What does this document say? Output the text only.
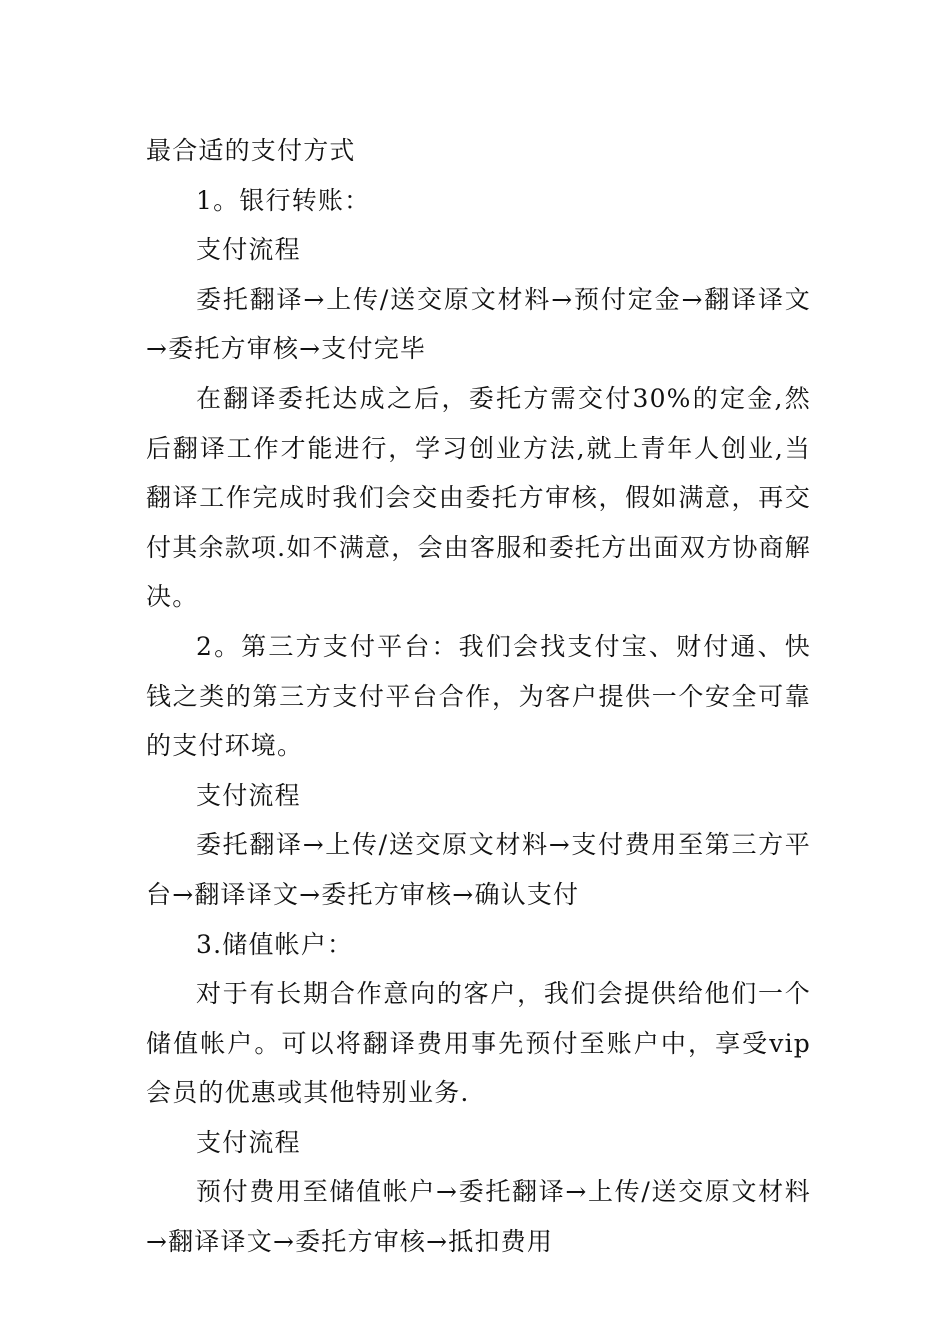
最合适的支付方式

1。银行转账：

支付流程

委托翻译→上传/送交原文材料→预付定金→翻译译文→委托方审核→支付完毕

在翻译委托达成之后，委托方需交付30%的定金,然后翻译工作才能进行，学习创业方法,就上青年人创业,当翻译工作完成时我们会交由委托方审核，假如满意，再交付其余款项.如不满意，会由客服和委托方出面双方协商解决。

2。第三方支付平台：我们会找支付宝、财付通、快钱之类的第三方支付平台合作，为客户提供一个安全可靠的支付环境。

支付流程

委托翻译→上传/送交原文材料→支付费用至第三方平台→翻译译文→委托方审核→确认支付

3.储值帐户：

对于有长期合作意向的客户，我们会提供给他们一个储值帐户。可以将翻译费用事先预付至账户中，享受vip会员的优惠或其他特别业务.

支付流程

预付费用至储值帐户→委托翻译→上传/送交原文材料→翻译译文→委托方审核→抵扣费用
